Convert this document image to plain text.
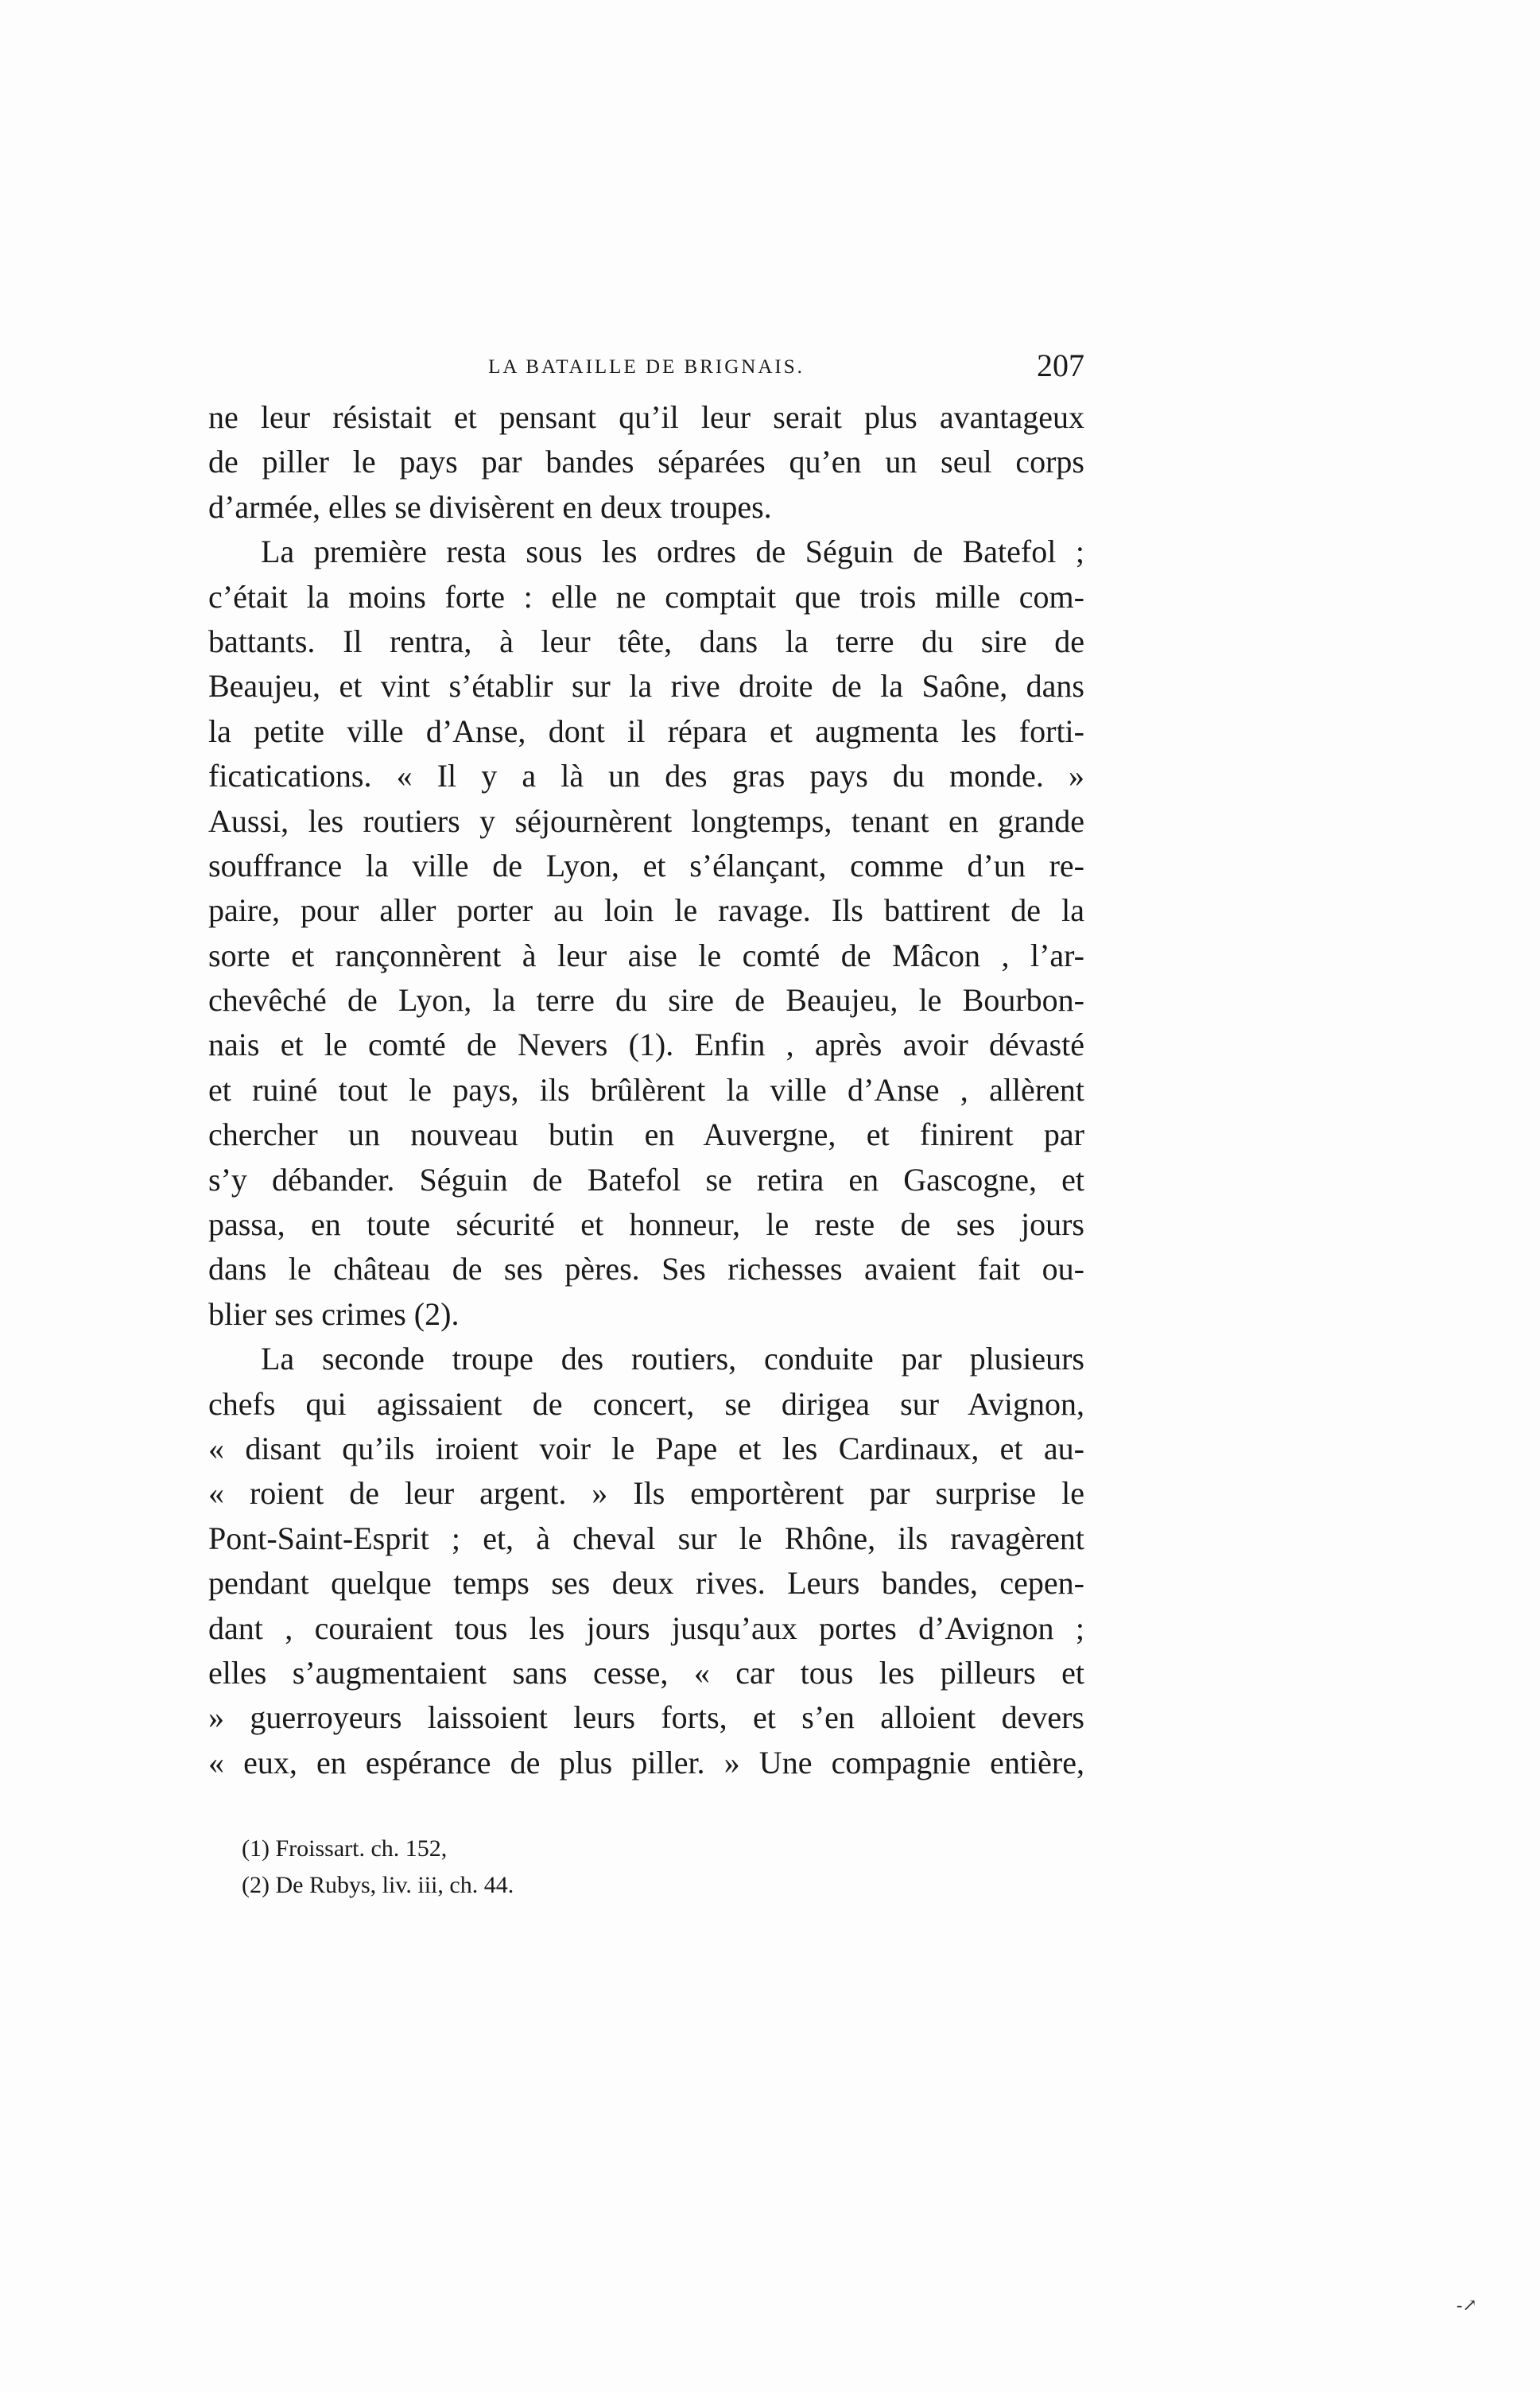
LA BATAILLE DE BRIGNAIS.	207
ne leur résistait et pensant qu’il leur serait plus avantageux
de piller le pays par bandes séparées qu’en un seul corps
d’armée, elles se divisèrent en deux troupes.
La première resta sous les ordres de Séguin de Batefol ;
c’était la moins forte : elle ne comptait que trois mille com-
battants. Il rentra, à leur tête, dans la terre du sire de
Beaujeu, et vint s’établir sur la rive droite de la Saône, dans
la petite ville d’Anse, dont il répara et augmenta les forti-
ficatications. « Il y a là un des gras pays du monde. »
Aussi, les routiers y séjournèrent longtemps, tenant en grande
souffrance la ville de Lyon, et s’élançant, comme d’un re-
paire, pour aller porter au loin le ravage. Ils battirent de la
sorte et rançonnèrent à leur aise le comté de Mâcon , l’ar-
chevêché de Lyon, la terre du sire de Beaujeu, le Bourbon-
nais et le comté de Nevers (1). Enfin , après avoir dévasté
et ruiné tout le pays, ils brûlèrent la ville d’Anse , allèrent
chercher un nouveau butin en Auvergne, et finirent par
s’y débander. Séguin de Batefol se retira en Gascogne, et
passa, en toute sécurité et honneur, le reste de ses jours
dans le château de ses pères. Ses richesses avaient fait ou-
blier ses crimes (2).
La seconde troupe des routiers, conduite par plusieurs
chefs qui agissaient de concert, se dirigea sur Avignon,
« disant qu’ils iroient voir le Pape et les Cardinaux, et au-
« roient de leur argent. » Ils emportèrent par surprise le
Pont-Saint-Esprit ; et, à cheval sur le Rhône, ils ravagèrent
pendant quelque temps ses deux rives. Leurs bandes, cepen-
dant , couraient tous les jours jusqu’aux portes d’Avignon ;
elles s’augmentaient sans cesse, « car tous les pilleurs et
» guerroyeurs laissoient leurs forts, et s’en alloient devers
« eux, en espérance de plus piller. » Une compagnie entière,
(1) Froissart. ch. 152,
(2) De Rubys, liv. iii, ch. 44.
-↗
